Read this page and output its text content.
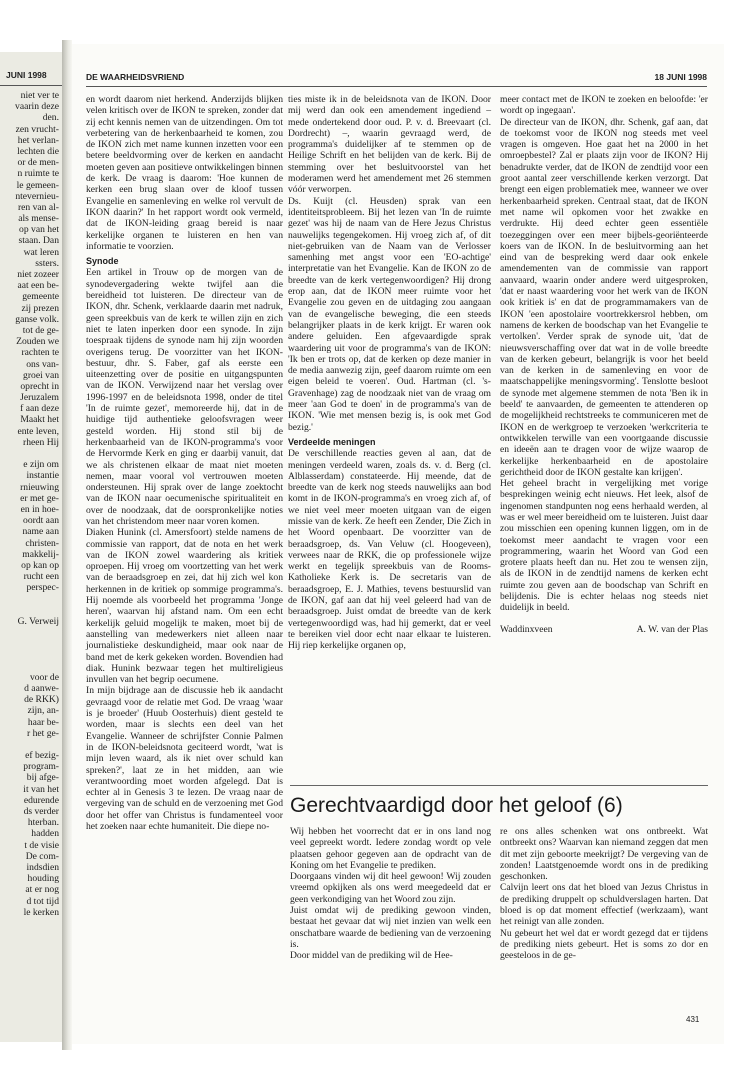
JUNI 1998
niet ver te
vaarin deze
den.
zen vrucht-
het verlan-
lechten die
or de men-
n ruimte te
le gemeen-
nteverniеu-
ren van al-
als mense-
op van het
staan. Dan
wat leren
ssters.
niet zozeer
aat een be-
gemeente
zij prezen
ganse volk.
tot de ge-
Zouden we
rachten te
ons van-
groei van
oprecht in
Jeruzalem
f aan deze
Maakt het
ente leven,
rheen Hij
e zijn om
instantie
rnieuwing
er met ge-
en in hoe-
oordt aan
name aan
christen-
makkelij-
op kan op
rucht een
perspec-
G. Verweij
voor de
d aanwe-
de RKK)
zijn, an-
haar be-
r het ge-
ef bezig-
program-
bij afge-
it van het
edurende
ds verder
hterban.
hadden
t de visie
De com-
indsdien
houding
at er nog
d tot tijd
le kerken
DE WAARHEIDSVRIEND	18 JUNI 1998

en wordt daarom niet herkend. Anderzijds blijken velen kritisch over de IKON te spreken, zonder dat zij echt kennis nemen van de uitzendingen. Om tot verbetering van de herkenbaarheid te komen, zou de IKON zich met name kunnen inzetten voor een betere beeldvorming over de kerken en aandacht moeten geven aan positieve ontwikkelingen binnen de kerk. De vraag is daarom: 'Hoe kunnen de kerken een brug slaan over de kloof tussen Evangelie en samenleving en welke rol vervult de IKON daarin?' In het rapport wordt ook vermeld, dat de IKON-leiding graag bereid is naar kerkelijke organen te luisteren en hen van informatie te voorzien.

Synode

Een artikel in Trouw op de morgen van de synodevergadering wekte twijfel aan die bereidheid tot luisteren. De directeur van de IKON, dhr. Schenk, verklaarde daarin met nadruk, geen spreekbuis van de kerk te willen zijn en zich niet te laten inperken door een synode. In zijn toespraak tijdens de synode nam hij zijn woorden overigens terug. De voorzitter van het IKON-bestuur, dhr. S. Faber, gaf als eerste een uiteenzetting over de positie en uitgangspunten van de IKON. Verwijzend naar het verslag over 1996-1997 en de beleidsnota 1998, onder de titel 'In de ruimte gezet', memoreerde hij, dat in de huidige tijd authentieke geloofsvragen weer gesteld worden. Hij stond stil bij de herkenbaarheid van de IKON-programma's voor de Hervormde Kerk en ging er daarbij vanuit, dat we als christenen elkaar de maat niet moeten nemen, maar vooral vol vertrouwen moeten ondersteunen. Hij sprak over de lange zoektocht van de IKON naar oecumenische spiritualiteit en over de noodzaak, dat de oorspronkelijke noties van het christendom meer naar voren komen.

Diaken Hunink (cl. Amersfoort) stelde namens de commissie van rapport, dat de nota en het werk van de IKON zowel waardering als kritiek oproepen. Hij vroeg om voortzetting van het werk van de beraadsgroep en zei, dat hij zich wel kon herkennen in de kritiek op sommige programma's. Hij noemde als voorbeeld het programma 'Jonge heren', waarvan hij afstand nam. Om een echt kerkelijk geluid mogelijk te maken, moet bij de aanstelling van medewerkers niet alleen naar journalistieke deskundigheid, maar ook naar de band met de kerk gekeken worden. Bovendien had diak. Hunink bezwaar tegen het multireligieus invullen van het begrip oecumene.

In mijn bijdrage aan de discussie heb ik aandacht gevraagd voor de relatie met God. De vraag 'waar is je broeder' (Huub Oosterhuis) dient gesteld te worden, maar is slechts een deel van het Evangelie. Wanneer de schrijfster Connie Palmen in de IKON-beleidsnota geciteerd wordt, 'wat is mijn leven waard, als ik niet over schuld kan spreken?', laat ze in het midden, aan wie verantwoording moet worden afgelegd. Dat is echter al in Genesis 3 te lezen. De vraag naar de vergeving van de schuld en de verzoening met God door het offer van Christus is fundamenteel voor het zoeken naar echte humaniteit. Die diepe no-

ties miste ik in de beleidsnota van de IKON. Door mij werd dan ook een amendement ingediend – mede ondertekend door oud. P. v. d. Breevaart (cl. Dordrecht) –, waarin gevraagd werd, de programma's duidelijker af te stemmen op de Heilige Schrift en het belijden van de kerk. Bij de stemming over het besluitvoorstel van het moderamen werd het amendement met 26 stemmen vóór verworpen.

Ds. Kuijt (cl. Heusden) sprak van een identiteitsprobleem. Bij het lezen van 'In de ruimte gezet' was hij de naam van de Here Jezus Christus nauwelijks tegengekomen. Hij vroeg zich af, of dit niet-gebruiken van de Naam van de Verlosser samenhing met angst voor een 'EO-achtige' interpretatie van het Evangelie. Kan de IKON zo de breedte van de kerk vertegenwoordigen? Hij drong erop aan, dat de IKON meer ruimte voor het Evangelie zou geven en de uitdaging zou aangaan van de evangelische beweging, die een steeds belangrijker plaats in de kerk krijgt. Er waren ook andere geluiden. Een afgevaardigde sprak waardering uit voor de programma's van de IKON: 'Ik ben er trots op, dat de kerken op deze manier in de media aanwezig zijn, geef daarom ruimte om een eigen beleid te voeren'. Oud. Hartman (cl. 's-Gravenhage) zag de noodzaak niet van de vraag om meer 'aan God te doen' in de programma's van de IKON. 'Wie met mensen bezig is, is ook met God bezig.'

Verdeelde meningen

De verschillende reacties geven al aan, dat de meningen verdeeld waren, zoals ds. v. d. Berg (cl. Alblasserdam) constateerde. Hij meende, dat de breedte van de kerk nog steeds nauwelijks aan bod komt in de IKON-programma's en vroeg zich af, of we niet veel meer moeten uitgaan van de eigen missie van de kerk. Ze heeft een Zender, Die Zich in het Woord openbaart. De voorzitter van de beraadsgroep, ds. Van Veluw (cl. Hoogeveen), verwees naar de RKK, die op professionele wijze werkt en tegelijk spreekbuis van de Rooms-Katholieke Kerk is. De secretaris van de beraadsgroep, E. J. Mathies, tevens bestuurslid van de IKON, gaf aan dat hij veel geleerd had van de beraadsgroep. Juist omdat de breedte van de kerk vertegenwoordigd was, had hij gemerkt, dat er veel te bereiken viel door echt naar elkaar te luisteren. Hij riep kerkelijke organen op,

meer contact met de IKON te zoeken en beloofde: 'er wordt op ingegaan'.

De directeur van de IKON, dhr. Schenk, gaf aan, dat de toekomst voor de IKON nog steeds met veel vragen is omgeven. Hoe gaat het na 2000 in het omroepbestel? Zal er plaats zijn voor de IKON? Hij benadrukte verder, dat de IKON de zendtijd voor een groot aantal zeer verschillende kerken verzorgt. Dat brengt een eigen problematiek mee, wanneer we over herkenbaarheid spreken. Centraal staat, dat de IKON met name wil opkomen voor het zwakke en verdrukte. Hij deed echter geen essentiële toezeggingen over een meer bijbels-georiënteerde koers van de IKON. In de besluitvorming aan het eind van de bespreking werd daar ook enkele amendementen van de commissie van rapport aanvaard, waarin onder andere werd uitgesproken, 'dat er naast waardering voor het werk van de IKON ook kritiek is' en dat de programmamakers van de IKON 'een apostolaire voortrekkersrol hebben, om namens de kerken de boodschap van het Evangelie te vertolken'. Verder sprak de synode uit, 'dat de nieuwsverschaffing over dat wat in de volle breedte van de kerken gebeurt, belangrijk is voor het beeld van de kerken in de samenleving en voor de maatschappelijke meningsvorming'. Tenslotte besloot de synode met algemene stemmen de nota 'Ben ik in beeld' te aanvaarden, de gemeenten te attenderen op de mogelijkheid rechtstreeks te communiceren met de IKON en de werkgroep te verzoeken 'werkcriteria te ontwikkelen terwille van een voortgaande discussie en ideeën aan te dragen voor de wijze waarop de kerkelijke herkenbaarheid en de apostolaire gerichtheid door de IKON gestalte kan krijgen'.

Het geheel bracht in vergelijking met vorige besprekingen weinig echt nieuws. Het leek, alsof de ingenomen standpunten nog eens herhaald werden, al was er wel meer bereidheid om te luisteren. Juist daar zou misschien een opening kunnen liggen, om in de toekomst meer aandacht te vragen voor een programmering, waarin het Woord van God een grotere plaats heeft dan nu. Het zou te wensen zijn, als de IKON in de zendtijd namens de kerken echt ruimte zou geven aan de boodschap van Schrift en belijdenis. Die is echter helaas nog steeds niet duidelijk in beeld.

Waddinxveen	A. W. van der Plas
Gerechtvaardigd door het geloof (6)

Wij hebben het voorrecht dat er in ons land nog veel gepreekt wordt. Iedere zondag wordt op vele plaatsen gehoor gegeven aan de opdracht van de Koning om het Evangelie te prediken.

Doorgaans vinden wij dit heel gewoon! Wij zouden vreemd opkijken als ons werd meegedeeld dat er geen verkondiging van het Woord zou zijn.

Juist omdat wij de prediking gewoon vinden, bestaat het gevaar dat wij niet inzien van welk een onschatbare waarde de bediening van de verzoening is.

Door middel van de prediking wil de Hee-

re ons alles schenken wat ons ontbreekt. Wat ontbreekt ons? Waarvan kan niemand zeggen dat men dit met zijn geboorte meekrijgt? De vergeving van de zonden! Laatstgenoemde wordt ons in de prediking geschonken.

Calvijn leert ons dat het bloed van Jezus Christus in de prediking druppelt op schuldverslagen harten. Dat bloed is op dat moment effectief (werkzaam), want het reinigt van alle zonden.

Nu gebeurt het wel dat er wordt gezegd dat er tijdens de prediking niets gebeurt. Het is soms zo dor en geesteloos in de ge-

431
